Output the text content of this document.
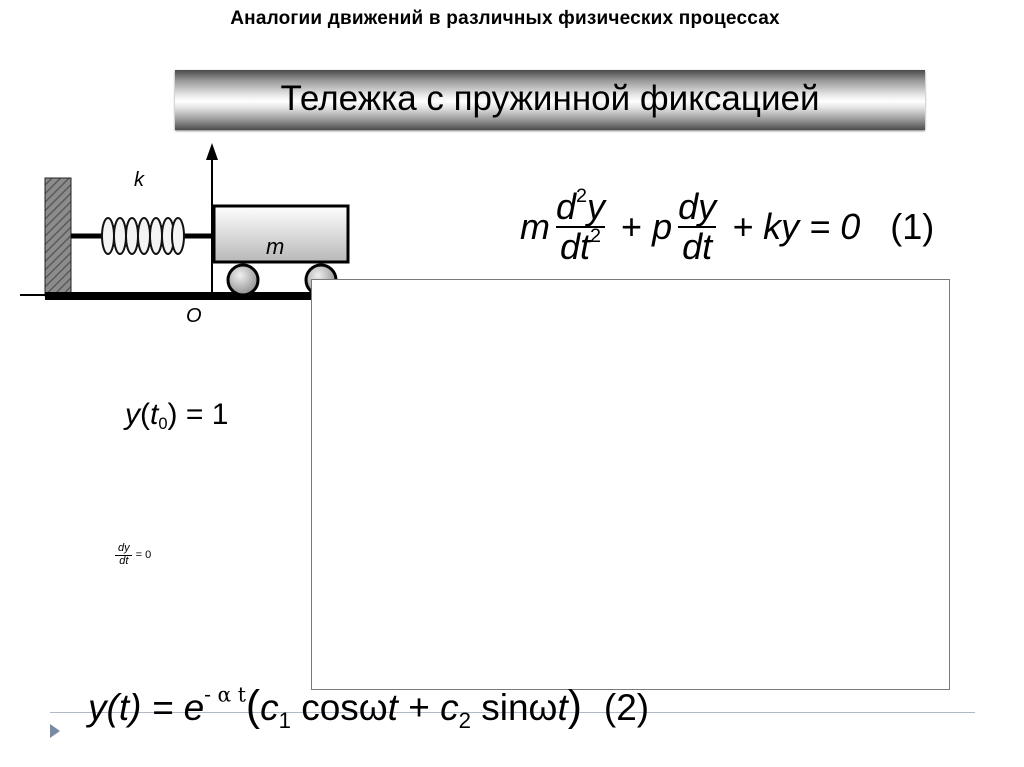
Аналогии движений в различных физических процессах
Тележка с пружинной фиксацией
k
m
O
m $\frac{d^2y}{dt^2} + p \frac{dy}{dt}$ + ky = 0 (1)
$y(t_0) = 1$
$\frac{dy}{dt} = 0$
$y(t) = e^{- \alpha t}(c_1$ $\cos\omega t + c_2$ sinωt) (2)
